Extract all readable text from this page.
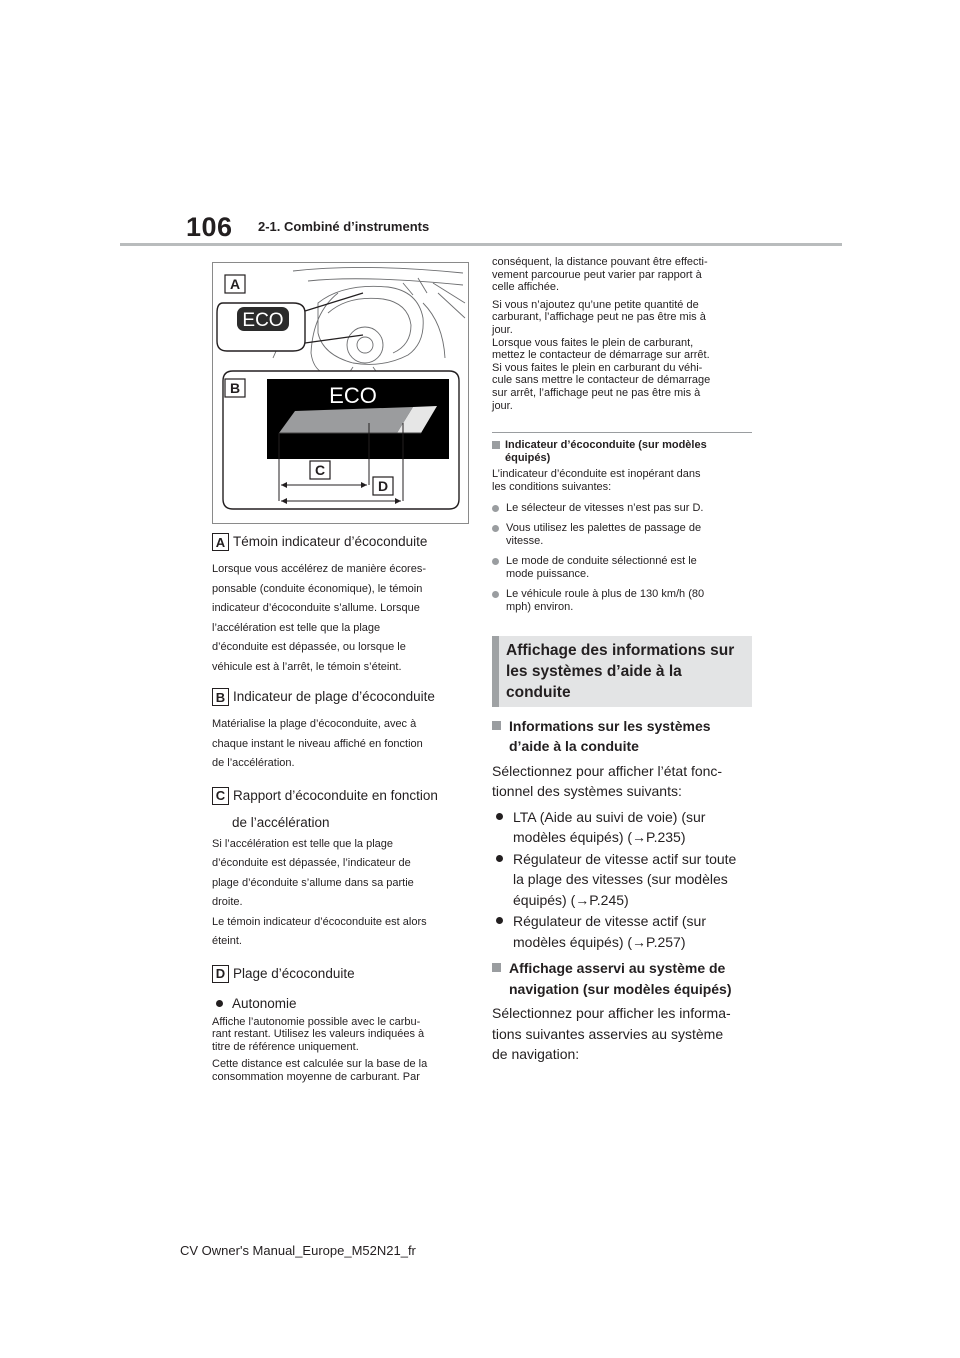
106 2-1. Combiné d’instruments
A
ECO
B	ECO
C
D
A Témoin indicateur d’écoconduite

Lorsque vous accélérez de manière écores-

ponsable (conduite économique), le témoin

indicateur d’écoconduite s’allume. Lorsque

l’accélération est telle que la plage

d’éconduite est dépassée, ou lorsque le

véhicule est à l’arrêt, le témoin s’éteint.

B Indicateur de plage d’écoconduite

Matérialise la plage d’écoconduite, avec à

chaque instant le niveau affiché en fonction

de l’accélération.

C Rapport d’écoconduite en fonction
de l’accélération

Si l’accélération est telle que la plage

d’éconduite est dépassée, l’indicateur de

plage d’éconduite s’allume dans sa partie

droite.

Le témoin indicateur d’écoconduite est alors

éteint.

D Plage d’écoconduite
Autonomie

Affiche l’autonomie possible avec le carbu-

rant restant. Utilisez les valeurs indiquées à

titre de référence uniquement.

Cette distance est calculée sur la base de la

consommation moyenne de carburant. Par

conséquent, la distance pouvant être effecti-

vement parcourue peut varier par rapport à

celle affichée.

Si vous n’ajoutez qu’une petite quantité de

carburant, l’affichage peut ne pas être mis à

jour.

Lorsque vous faites le plein de carburant,

mettez le contacteur de démarrage sur arrêt.

Si vous faites le plein en carburant du véhi-

cule sans mettre le contacteur de démarrage

sur arrêt, l’affichage peut ne pas être mis à

jour.

Indicateur d’écoconduite (sur modèles

équipés)

L’indicateur d’éconduite est inopérant dans

les conditions suivantes:

Le sélecteur de vitesses n’est pas sur D.

Vous utilisez les palettes de passage de

vitesse.

Le mode de conduite sélectionné est le

mode puissance.

Le véhicule roule à plus de 130 km/h (80

mph) environ.

Affichage des informations sur
les systèmes d’aide à la
conduite
Informations sur les systèmes
d’aide à la conduite
Sélectionnez pour afficher l’état fonc-
tionnel des systèmes suivants:
LTA (Aide au suivi de voie) (sur
modèles équipés) (→P.235)
Régulateur de vitesse actif sur toute
la plage des vitesses (sur modèles
équipés) (→P.245)
Régulateur de vitesse actif (sur
modèles équipés) (→P.257)
Affichage asservi au système de
navigation (sur modèles équipés)
Sélectionnez pour afficher les informa-
tions suivantes asservies au système
de navigation:
CV Owner's Manual_Europe_M52N21_fr
